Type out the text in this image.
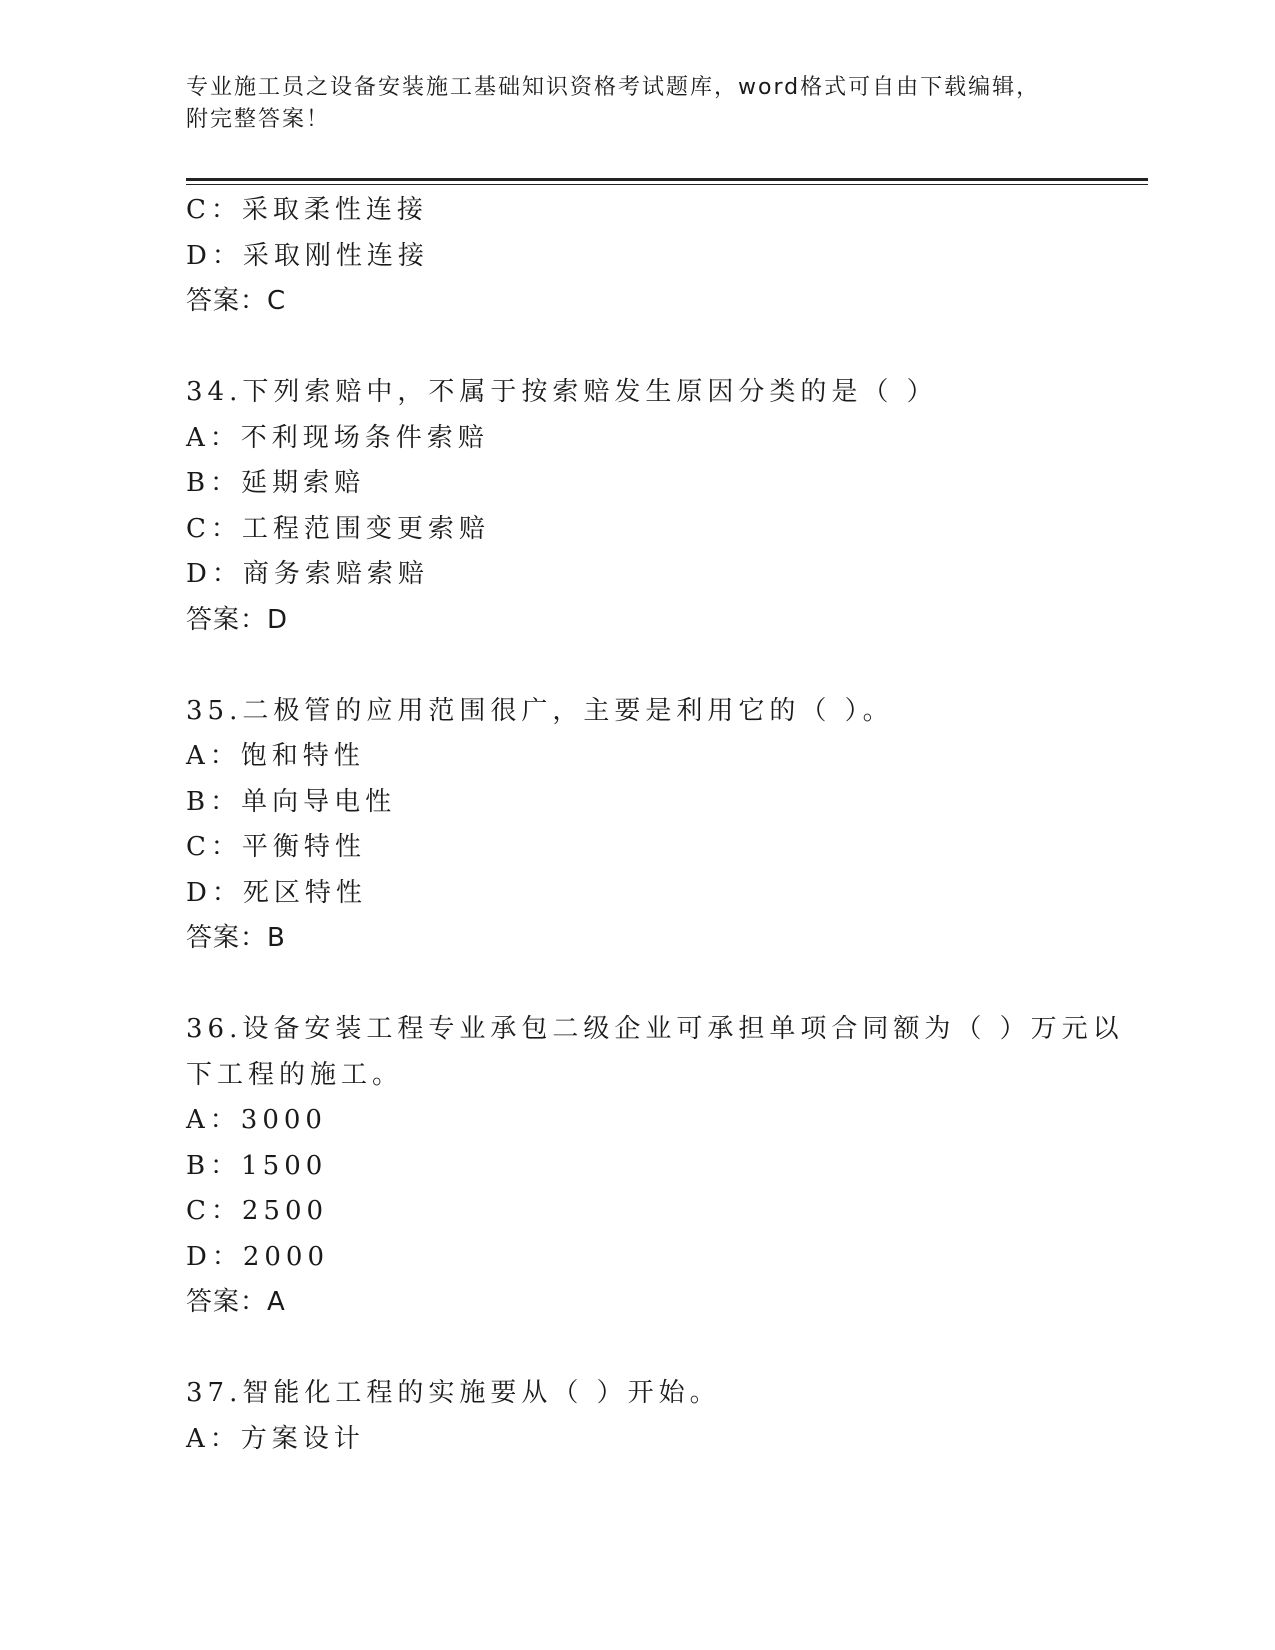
专业施工员之设备安装施工基础知识资格考试题库，word格式可自由下载编辑，
附完整答案！
C：采取柔性连接
D：采取刚性连接
答案：C
34.下列索赔中，不属于按索赔发生原因分类的是（ ）
A：不利现场条件索赔
B：延期索赔
C：工程范围变更索赔
D：商务索赔索赔
答案：D
35.二极管的应用范围很广，主要是利用它的（ ）。
A：饱和特性
B：单向导电性
C：平衡特性
D：死区特性
答案：B
36.设备安装工程专业承包二级企业可承担单项合同额为（ ）万元以
下工程的施工。
A：3000
B：1500
C：2500
D：2000
答案：A
37.智能化工程的实施要从（ ）开始。
A：方案设计
